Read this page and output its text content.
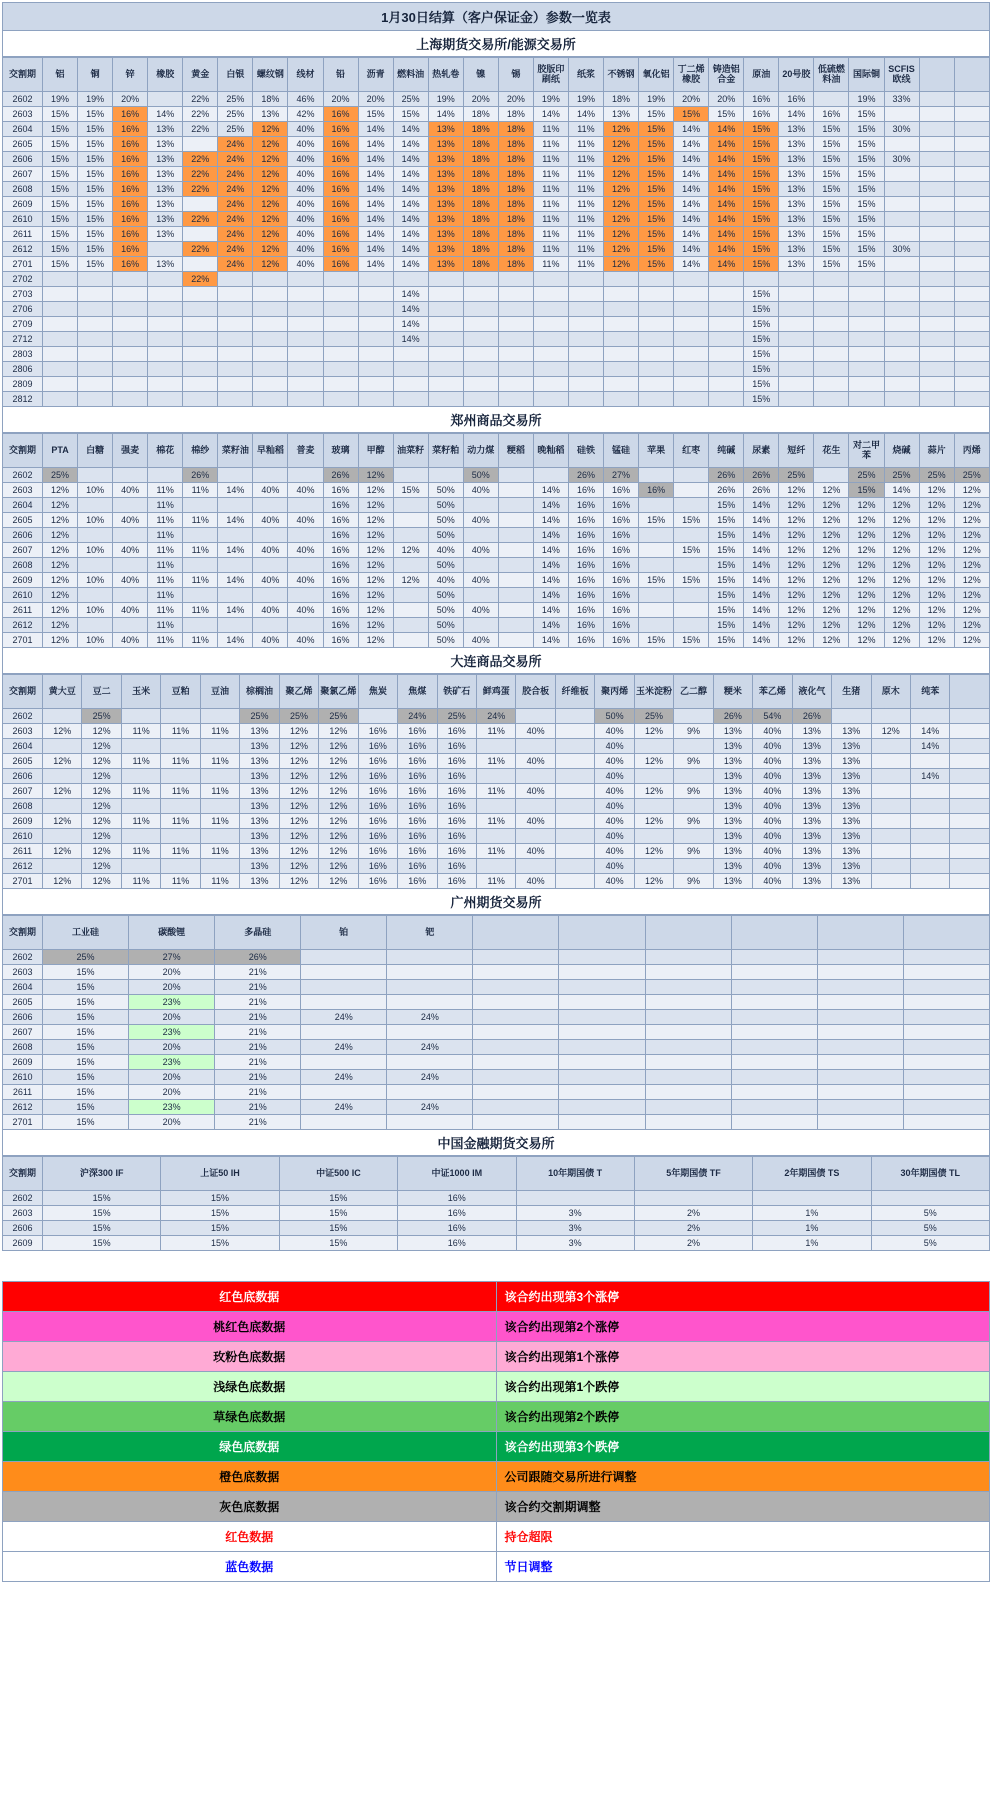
1月30日结算（客户保证金）参数一览表
上海期货交易所/能源交易所
交割期	铝	铜	锌	橡胶	黄金	白银	螺纹钢	线材	铅	沥青	燃料油	热轧卷	镍	锡	胶版印刷纸	纸浆	不锈钢	氧化铝	丁二烯橡胶	铸造铝合金	原油	20号胶	低硫燃料油	国际铜	SCFIS欧线		
2602	19%	19%	20%		22%	25%	18%	46%	20%	20%	25%	19%	20%	20%	19%	19%	18%	19%	20%	20%	16%	16%		19%	33%		
2603	15%	15%	16%	14%	22%	25%	13%	42%	16%	15%	15%	14%	18%	18%	14%	14%	13%	15%	15%	15%	16%	14%	16%	15%			
2604	15%	15%	16%	13%	22%	25%	12%	40%	16%	14%	14%	13%	18%	18%	11%	11%	12%	15%	14%	14%	15%	13%	15%	15%	30%		
2605	15%	15%	16%	13%		24%	12%	40%	16%	14%	14%	13%	18%	18%	11%	11%	12%	15%	14%	14%	15%	13%	15%	15%			
2606	15%	15%	16%	13%	22%	24%	12%	40%	16%	14%	14%	13%	18%	18%	11%	11%	12%	15%	14%	14%	15%	13%	15%	15%	30%		
2607	15%	15%	16%	13%	22%	24%	12%	40%	16%	14%	14%	13%	18%	18%	11%	11%	12%	15%	14%	14%	15%	13%	15%	15%			
2608	15%	15%	16%	13%	22%	24%	12%	40%	16%	14%	14%	13%	18%	18%	11%	11%	12%	15%	14%	14%	15%	13%	15%	15%			
2609	15%	15%	16%	13%		24%	12%	40%	16%	14%	14%	13%	18%	18%	11%	11%	12%	15%	14%	14%	15%	13%	15%	15%			
2610	15%	15%	16%	13%	22%	24%	12%	40%	16%	14%	14%	13%	18%	18%	11%	11%	12%	15%	14%	14%	15%	13%	15%	15%			
2611	15%	15%	16%	13%		24%	12%	40%	16%	14%	14%	13%	18%	18%	11%	11%	12%	15%	14%	14%	15%	13%	15%	15%			
2612	15%	15%	16%		22%	24%	12%	40%	16%	14%	14%	13%	18%	18%	11%	11%	12%	15%	14%	14%	15%	13%	15%	15%	30%		
2701	15%	15%	16%	13%		24%	12%	40%	16%	14%	14%	13%	18%	18%	11%	11%	12%	15%	14%	14%	15%	13%	15%	15%			
2702					22%																						
2703											14%										15%						
2706											14%										15%						
2709											14%										15%						
2712											14%										15%						
2803																					15%						
2806																					15%						
2809																					15%						
2812																					15%						
郑州商品交易所
交割期	PTA	白糖	强麦	棉花	棉纱	菜籽油	早籼稻	普麦	玻璃	甲醇	油菜籽	菜籽粕	动力煤	粳稻	晚籼稻	硅铁	锰硅	苹果	红枣	纯碱	尿素	短纤	花生	对二甲苯	烧碱	蒜片	丙烯
2602	25%				26%				26%	12%			50%			26%	27%			26%	26%	25%		25%	25%	25%	25%
2603	12%	10%	40%	11%	11%	14%	40%	40%	16%	12%	15%	50%	40%		14%	16%	16%	16%		26%	26%	12%	12%	15%	14%	12%	12%
2604	12%			11%					16%	12%		50%			14%	16%	16%			15%	14%	12%	12%	12%	12%	12%	12%
2605	12%	10%	40%	11%	11%	14%	40%	40%	16%	12%		50%	40%		14%	16%	16%	15%	15%	15%	14%	12%	12%	12%	12%	12%	12%
2606	12%			11%					16%	12%		50%			14%	16%	16%			15%	14%	12%	12%	12%	12%	12%	12%
2607	12%	10%	40%	11%	11%	14%	40%	40%	16%	12%	12%	40%	40%		14%	16%	16%		15%	15%	14%	12%	12%	12%	12%	12%	12%
2608	12%			11%					16%	12%		50%			14%	16%	16%			15%	14%	12%	12%	12%	12%	12%	12%
2609	12%	10%	40%	11%	11%	14%	40%	40%	16%	12%	12%	40%	40%		14%	16%	16%	15%	15%	15%	14%	12%	12%	12%	12%	12%	12%
2610	12%			11%					16%	12%		50%			14%	16%	16%			15%	14%	12%	12%	12%	12%	12%	12%
2611	12%	10%	40%	11%	11%	14%	40%	40%	16%	12%		50%	40%		14%	16%	16%			15%	14%	12%	12%	12%	12%	12%	12%
2612	12%			11%					16%	12%		50%			14%	16%	16%			15%	14%	12%	12%	12%	12%	12%	12%
2701	12%	10%	40%	11%	11%	14%	40%	40%	16%	12%		50%	40%		14%	16%	16%	15%	15%	15%	14%	12%	12%	12%	12%	12%	12%
大连商品交易所
交割期	黄大豆	豆二	玉米	豆粕	豆油	棕榈油	聚乙烯	聚氯乙烯	焦炭	焦煤	铁矿石	鲜鸡蛋	胶合板	纤维板	聚丙烯	玉米淀粉	乙二醇	粳米	苯乙烯	液化气	生猪	原木	纯苯	
2602		25%				25%	25%	25%		24%	25%	24%			50%	25%		26%	54%	26%				
2603	12%	12%	11%	11%	11%	13%	12%	12%	16%	16%	16%	11%	40%		40%	12%	9%	13%	40%	13%	13%	12%	14%	
2604		12%				13%	12%	12%	16%	16%	16%				40%			13%	40%	13%	13%		14%	
2605	12%	12%	11%	11%	11%	13%	12%	12%	16%	16%	16%	11%	40%		40%	12%	9%	13%	40%	13%	13%			
2606		12%				13%	12%	12%	16%	16%	16%				40%			13%	40%	13%	13%		14%	
2607	12%	12%	11%	11%	11%	13%	12%	12%	16%	16%	16%	11%	40%		40%	12%	9%	13%	40%	13%	13%			
2608		12%				13%	12%	12%	16%	16%	16%				40%			13%	40%	13%	13%			
2609	12%	12%	11%	11%	11%	13%	12%	12%	16%	16%	16%	11%	40%		40%	12%	9%	13%	40%	13%	13%			
2610		12%				13%	12%	12%	16%	16%	16%				40%			13%	40%	13%	13%			
2611	12%	12%	11%	11%	11%	13%	12%	12%	16%	16%	16%	11%	40%		40%	12%	9%	13%	40%	13%	13%			
2612		12%				13%	12%	12%	16%	16%	16%				40%			13%	40%	13%	13%			
2701	12%	12%	11%	11%	11%	13%	12%	12%	16%	16%	16%	11%	40%		40%	12%	9%	13%	40%	13%	13%			
广州期货交易所
交割期	工业硅	碳酸锂	多晶硅	铂	钯						
2602	25%	27%	26%								
2603	15%	20%	21%								
2604	15%	20%	21%								
2605	15%	23%	21%								
2606	15%	20%	21%	24%	24%						
2607	15%	23%	21%								
2608	15%	20%	21%	24%	24%						
2609	15%	23%	21%								
2610	15%	20%	21%	24%	24%						
2611	15%	20%	21%								
2612	15%	23%	21%	24%	24%						
2701	15%	20%	21%								
中国金融期货交易所
交割期	沪深300 IF	上证50 IH	中证500 IC	中证1000 IM	10年期国债 T	5年期国债 TF	2年期国债 TS	30年期国债 TL
2602	15%	15%	15%	16%				
2603	15%	15%	15%	16%	3%	2%	1%	5%
2606	15%	15%	15%	16%	3%	2%	1%	5%
2609	15%	15%	15%	16%	3%	2%	1%	5%

红色底数据	该合约出现第3个涨停
桃红色底数据	该合约出现第2个涨停
玫粉色底数据	该合约出现第1个涨停
浅绿色底数据	该合约出现第1个跌停
草绿色底数据	该合约出现第2个跌停
绿色底数据	该合约出现第3个跌停
橙色底数据	公司跟随交易所进行调整
灰色底数据	该合约交割期调整
红色数据	持仓超限
蓝色数据	节日调整
